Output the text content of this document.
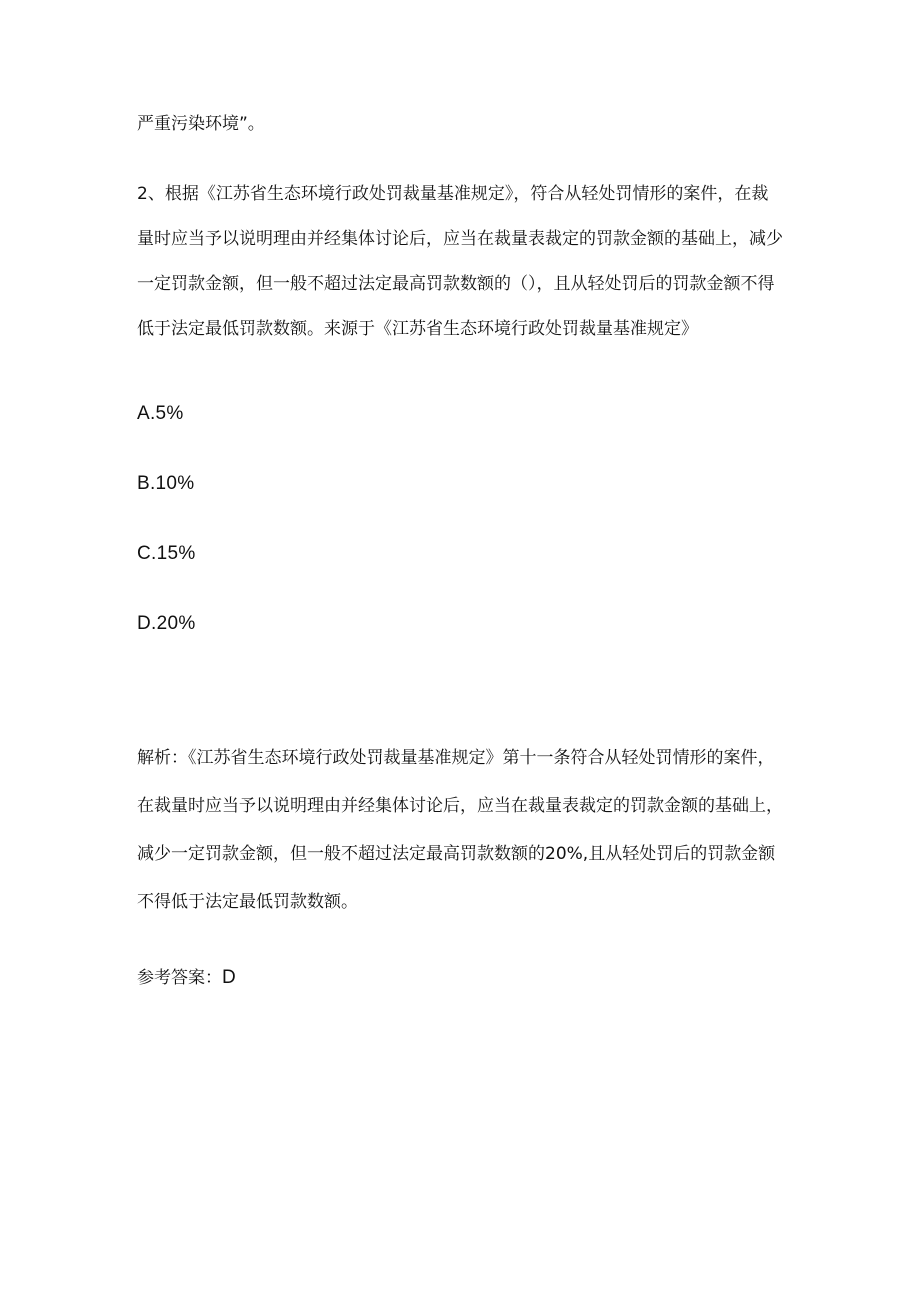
严重污染环境”。
2、根据《江苏省生态环境行政处罚裁量基准规定》，符合从轻处罚情形的案件，在裁
量时应当予以说明理由并经集体讨论后，应当在裁量表裁定的罚款金额的基础上，减少
一定罚款金额，但一般不超过法定最高罚款数额的（），且从轻处罚后的罚款金额不得
低于法定最低罚款数额。来源于《江苏省生态环境行政处罚裁量基准规定》
A.5%
B.10%
C.15%
D.20%
解析：《江苏省生态环境行政处罚裁量基准规定》第十一条符合从轻处罚情形的案件，
在裁量时应当予以说明理由并经集体讨论后，应当在裁量表裁定的罚款金额的基础上，
减少一定罚款金额，但一般不超过法定最高罚款数额的20%,且从轻处罚后的罚款金额
不得低于法定最低罚款数额。
参考答案：D
